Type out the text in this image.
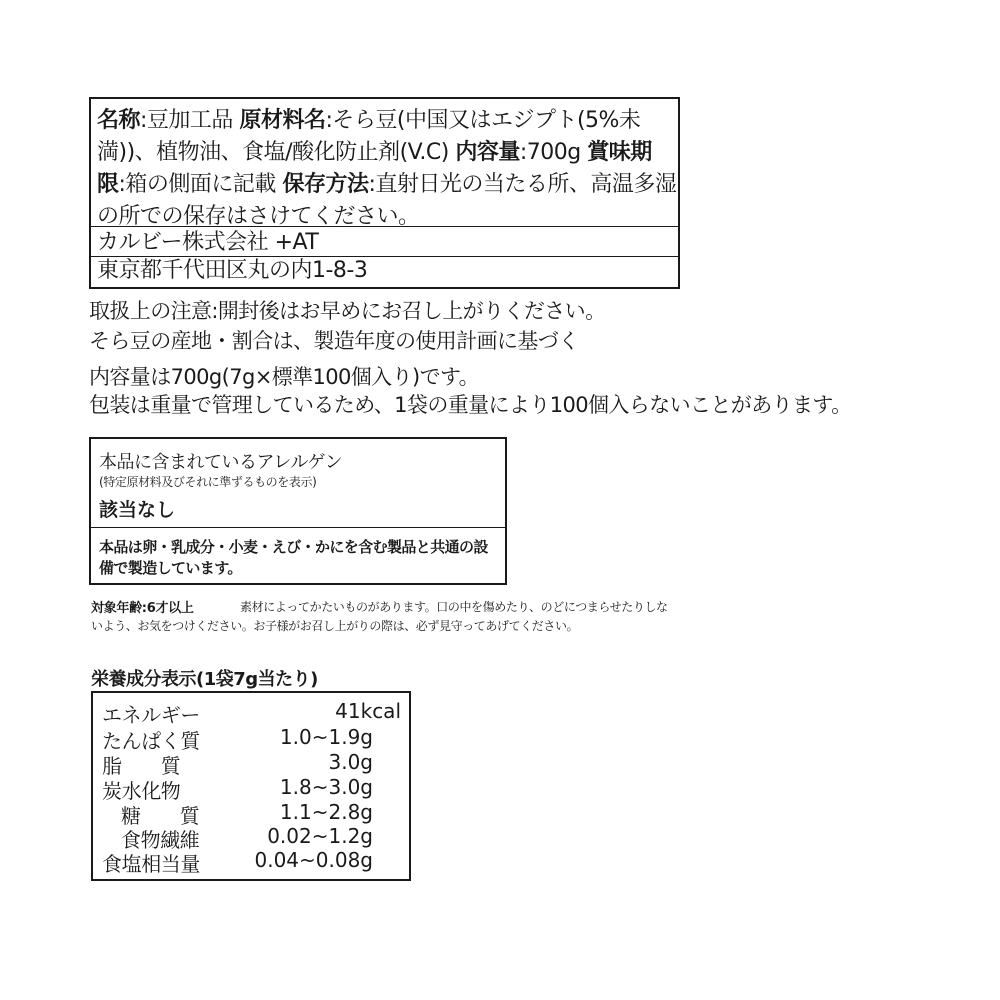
名称:豆加工品 原材料名:そら豆(中国又はエジプト(5%未満))、植物油、食塩/酸化防止剤(V.C) 内容量:700g 賞味期限:箱の側面に記載 保存方法:直射日光の当たる所、高温多湿の所での保存はさけてください。
カルビー株式会社 +AT
東京都千代田区丸の内1-8-3
取扱上の注意:開封後はお早めにお召し上がりください。
そら豆の産地・割合は、製造年度の使用計画に基づく
内容量は700g(7g×標準100個入り)です。
包装は重量で管理しているため、1袋の重量により100個入らないことがあります。
本品に含まれているアレルゲン
(特定原材料及びそれに準ずるものを表示)
該当なし
本品は卵・乳成分・小麦・えび・かにを含む製品と共通の設備で製造しています。
対象年齢:6才以上	素材によってかたいものがあります。口の中を傷めたり、のどにつまらせたりしな
いよう、お気をつけください。お子様がお召し上がりの際は、必ず見守ってあげてください。
栄養成分表示(1袋7g当たり)
エネルギー	41kcal
たんぱく質	1.0~1.9g
脂　　質	3.0g
炭水化物	1.8~3.0g
糖　　質	1.1~2.8g
食物繊維	0.02~1.2g
食塩相当量	0.04~0.08g
